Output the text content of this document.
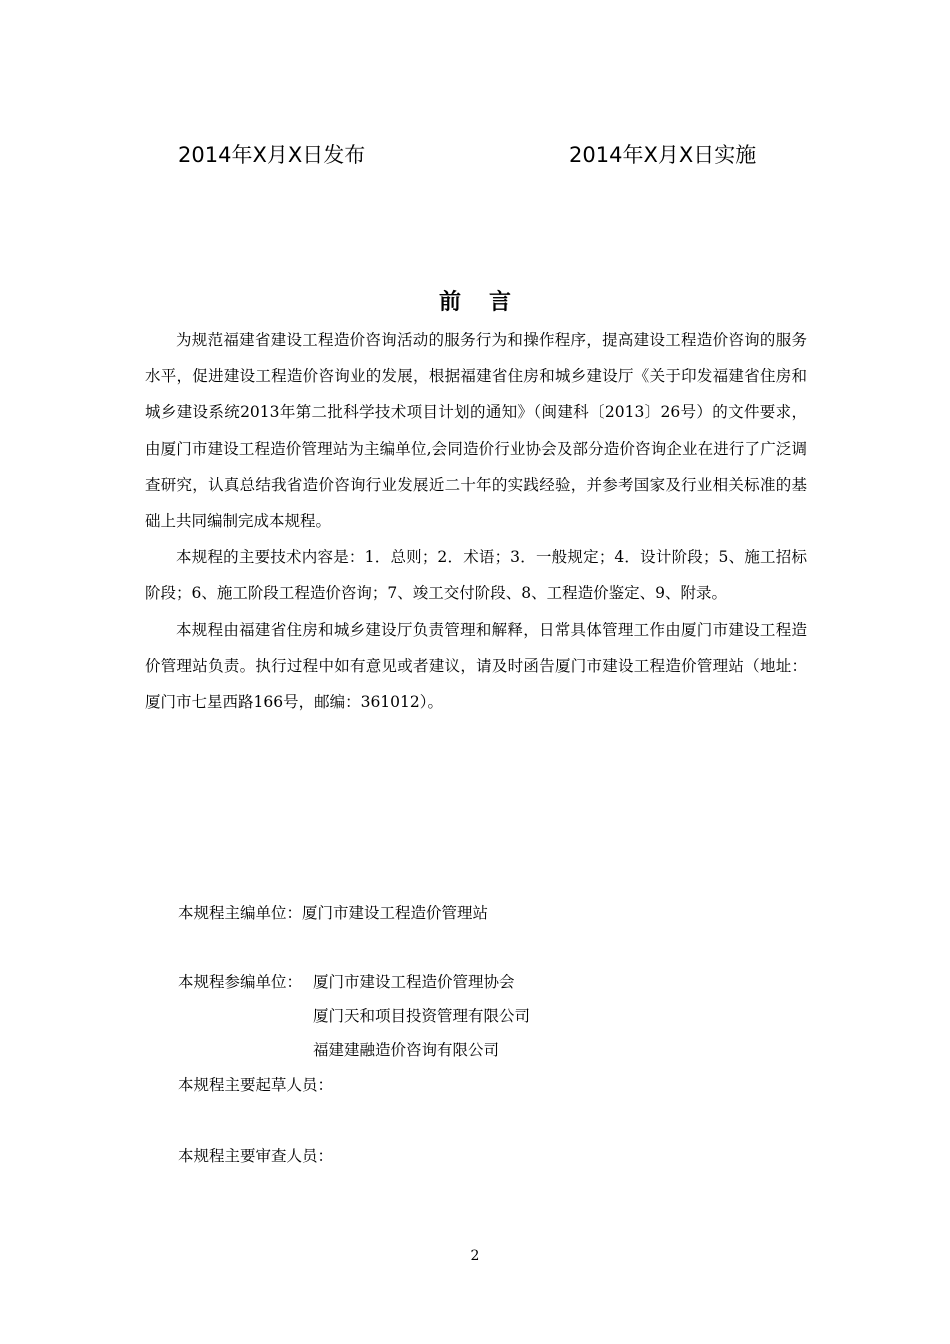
2014年X月X日发布	2014年X月X日实施
前言

为规范福建省建设工程造价咨询活动的服务行为和操作程序，提高建设工程造价咨询的服务水平，促进建设工程造价咨询业的发展，根据福建省住房和城乡建设厅《关于印发福建省住房和城乡建设系统2013年第二批科学技术项目计划的通知》（闽建科〔2013〕26号）的文件要求，由厦门市建设工程造价管理站为主编单位,会同造价行业协会及部分造价咨询企业在进行了广泛调查研究，认真总结我省造价咨询行业发展近二十年的实践经验，并参考国家及行业相关标准的基础上共同编制完成本规程。

本规程的主要技术内容是：1．总则；2．术语；3．一般规定；4．设计阶段；5、施工招标阶段；6、施工阶段工程造价咨询；7、竣工交付阶段、8、工程造价鉴定、9、附录。

本规程由福建省住房和城乡建设厅负责管理和解释，日常具体管理工作由厦门市建设工程造价管理站负责。执行过程中如有意见或者建议，请及时函告厦门市建设工程造价管理站（地址：厦门市七星西路166号，邮编：361012）。

本规程主编单位：厦门市建设工程造价管理站
本规程参编单位： 厦门市建设工程造价管理协会
厦门天和项目投资管理有限公司
福建建融造价咨询有限公司
本规程主要起草人员：
本规程主要审查人员：
2
